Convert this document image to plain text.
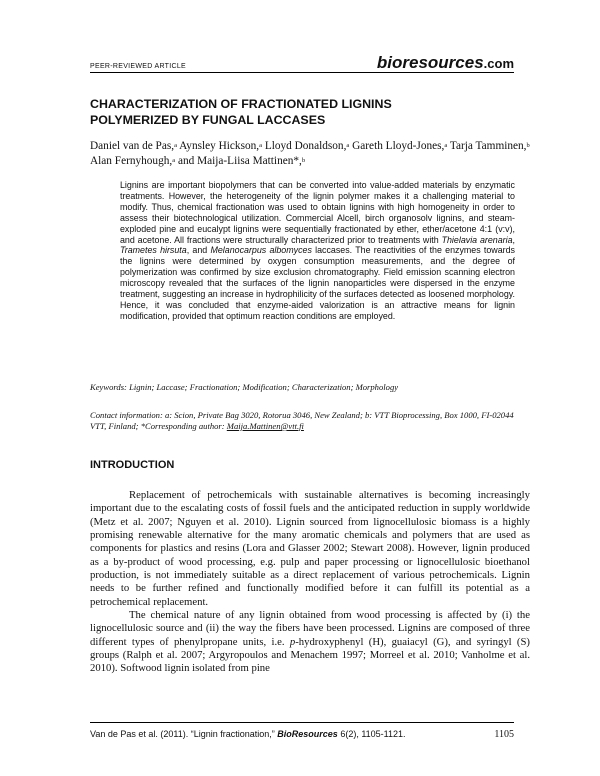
PEER-REVIEWED ARTICLE	bioresources.com
CHARACTERIZATION OF FRACTIONATED LIGNINS
POLYMERIZED BY FUNGAL LACCASES
Daniel van de Pas,$^a$ Aynsley Hickson,$^a$ Lloyd Donaldson,$^a$ Gareth Lloyd-Jones,$^a$ Tarja Tamminen,$^b$ Alan Fernyhough,$^a$ and Maija-Liisa Mattinen*,$^b$
Lignins are important biopolymers that can be converted into value-added materials by enzymatic treatments. However, the heterogeneity of the lignin polymer makes it a challenging material to modify. Thus, chemical fractionation was used to obtain lignins with high homogeneity in order to assess their biotechnological utilization. Commercial Alcell, birch organosolv lignins, and steam-exploded pine and eucalypt lignins were sequentially fractionated by ether, ether/acetone 4:1 (v:v), and acetone. All fractions were structurally characterized prior to treatments with Thielavia arenaria, Trametes hirsuta, and Melanocarpus albomyces laccases. The reactivities of the enzymes towards the lignins were determined by oxygen consumption measurements, and the degree of polymerization was confirmed by size exclusion chromatography. Field emission scanning electron microscopy revealed that the surfaces of the lignin nanoparticles were dispersed in the enzyme treatment, suggesting an increase in hydrophilicity of the surfaces detected as loosened morphology. Hence, it was concluded that enzyme-aided valorization is an attractive means for lignin modification, provided that optimum reaction conditions are employed.
Keywords: Lignin; Laccase; Fractionation; Modification; Characterization; Morphology
Contact information: a: Scion, Private Bag 3020, Rotorua 3046, New Zealand; b: VTT Bioprocessing, Box 1000, FI-02044 VTT, Finland; *Corresponding author: Maija.Mattinen@vtt.fi
INTRODUCTION

Replacement of petrochemicals with sustainable alternatives is becoming increasingly important due to the escalating costs of fossil fuels and the anticipated reduction in supply worldwide (Metz et al. 2007; Nguyen et al. 2010). Lignin sourced from lignocellulosic biomass is a highly promising renewable alternative for the many aromatic chemicals and polymers that are used as components for plastics and resins (Lora and Glasser 2002; Stewart 2008). However, lignin produced as a by-product of wood processing, e.g. pulp and paper processing or lignocellulosic bioethanol production, is not immediately suitable as a direct replacement of various petrochemicals. Lignin needs to be further refined and functionally modified before it can fulfill its potential as a petrochemical replacement.

The chemical nature of any lignin obtained from wood processing is affected by (i) the lignocellulosic source and (ii) the way the fibers have been processed. Lignins are composed of three different types of phenylpropane units, i.e. p-hydroxyphenyl (H), guaiacyl (G), and syringyl (S) groups (Ralph et al. 2007; Argyropoulos and Menachem 1997; Morreel et al. 2010; Vanholme et al. 2010). Softwood lignin isolated from pine

Van de Pas et al. (2011). “Lignin fractionation,” BioResources 6(2), 1105-1121.	1105
